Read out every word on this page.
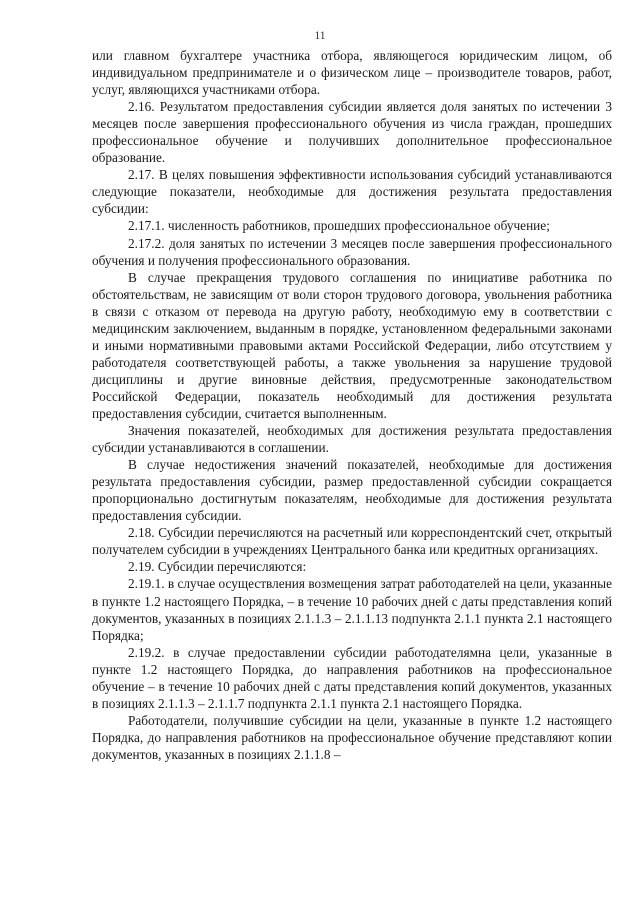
11

или главном бухгалтере участника отбора, являющегося юридическим лицом, об индивидуальном предпринимателе и о физическом лице – производителе товаров, работ, услуг, являющихся участниками отбора.

2.16. Результатом предоставления субсидии является доля занятых по истечении 3 месяцев после завершения профессионального обучения из числа граждан, прошедших профессиональное обучение и получивших дополнительное профессиональное образование.

2.17. В целях повышения эффективности использования субсидий устанавливаются следующие показатели, необходимые для достижения результата предоставления субсидии:

2.17.1. численность работников, прошедших профессиональное обучение;

2.17.2. доля занятых по истечении 3 месяцев после завершения профессионального обучения и получения профессионального образования.

В случае прекращения трудового соглашения по инициативе работника по обстоятельствам, не зависящим от воли сторон трудового договора, увольнения работника в связи с отказом от перевода на другую работу, необходимую ему в соответствии с медицинским заключением, выданным в порядке, установленном федеральными законами и иными нормативными правовыми актами Российской Федерации, либо отсутствием у работодателя соответствующей работы, а также увольнения за нарушение трудовой дисциплины и другие виновные действия, предусмотренные законодательством Российской Федерации, показатель необходимый для достижения результата предоставления субсидии, считается выполненным.

Значения показателей, необходимых для достижения результата предоставления субсидии устанавливаются в соглашении.

В случае недостижения значений показателей, необходимые для достижения результата предоставления субсидии, размер предоставленной субсидии сокращается пропорционально достигнутым показателям, необходимые для достижения результата предоставления субсидии.

2.18. Субсидии перечисляются на расчетный или корреспондентский счет, открытый получателем субсидии в учреждениях Центрального банка или кредитных организациях.

2.19. Субсидии перечисляются:

2.19.1. в случае осуществления возмещения затрат работодателей на цели, указанные в пункте 1.2 настоящего Порядка, – в течение 10 рабочих дней с даты представления копий документов, указанных в позициях 2.1.1.3 – 2.1.1.13 подпункта 2.1.1 пункта 2.1 настоящего Порядка;

2.19.2. в случае предоставлении субсидии работодателямна цели, указанные в пункте 1.2 настоящего Порядка, до направления работников на профессиональное обучение – в течение 10 рабочих дней с даты представления копий документов, указанных в позициях 2.1.1.3 – 2.1.1.7 подпункта 2.1.1 пункта 2.1 настоящего Порядка.

Работодатели, получившие субсидии на цели, указанные в пункте 1.2 настоящего Порядка, до направления работников на профессиональное обучение представляют копии документов, указанных в позициях 2.1.1.8 –
